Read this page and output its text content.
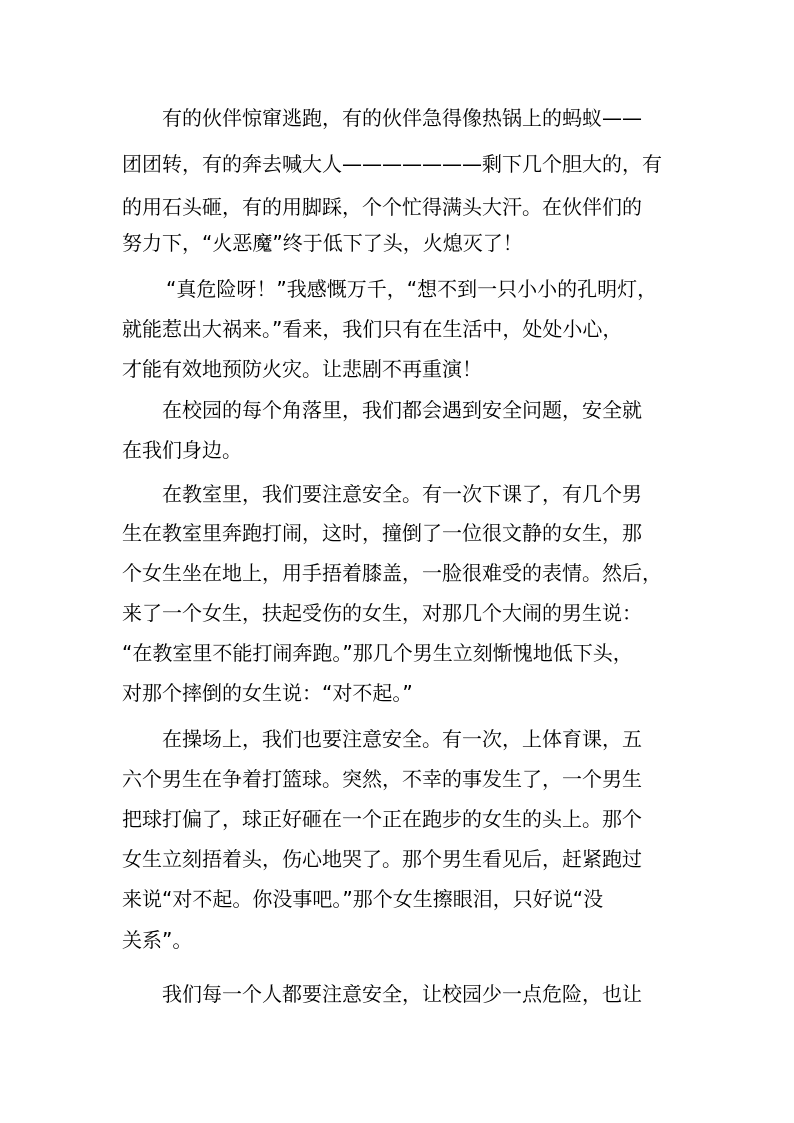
有的伙伴惊窜逃跑，有的伙伴急得像热锅上的蚂蚁——
团团转，有的奔去喊大人———————剩下几个胆大的，有
的用石头砸，有的用脚踩，个个忙得满头大汗。在伙伴们的
努力下，“火恶魔”终于低下了头，火熄灭了！
“真危险呀！”我感慨万千，“想不到一只小小的孔明灯，
就能惹出大祸来。”看来，我们只有在生活中，处处小心，
才能有效地预防火灾。让悲剧不再重演！
在校园的每个角落里，我们都会遇到安全问题，安全就
在我们身边。
在教室里，我们要注意安全。有一次下课了，有几个男
生在教室里奔跑打闹，这时，撞倒了一位很文静的女生，那
个女生坐在地上，用手捂着膝盖，一脸很难受的表情。然后，
来了一个女生，扶起受伤的女生，对那几个大闹的男生说：
“在教室里不能打闹奔跑。”那几个男生立刻惭愧地低下头，
对那个摔倒的女生说：“对不起。”
在操场上，我们也要注意安全。有一次，上体育课，五
六个男生在争着打篮球。突然，不幸的事发生了，一个男生
把球打偏了，球正好砸在一个正在跑步的女生的头上。那个
女生立刻捂着头，伤心地哭了。那个男生看见后，赶紧跑过
来说“对不起。你没事吧。”那个女生擦眼泪，只好说“没
关系”。
我们每一个人都要注意安全，让校园少一点危险，也让
